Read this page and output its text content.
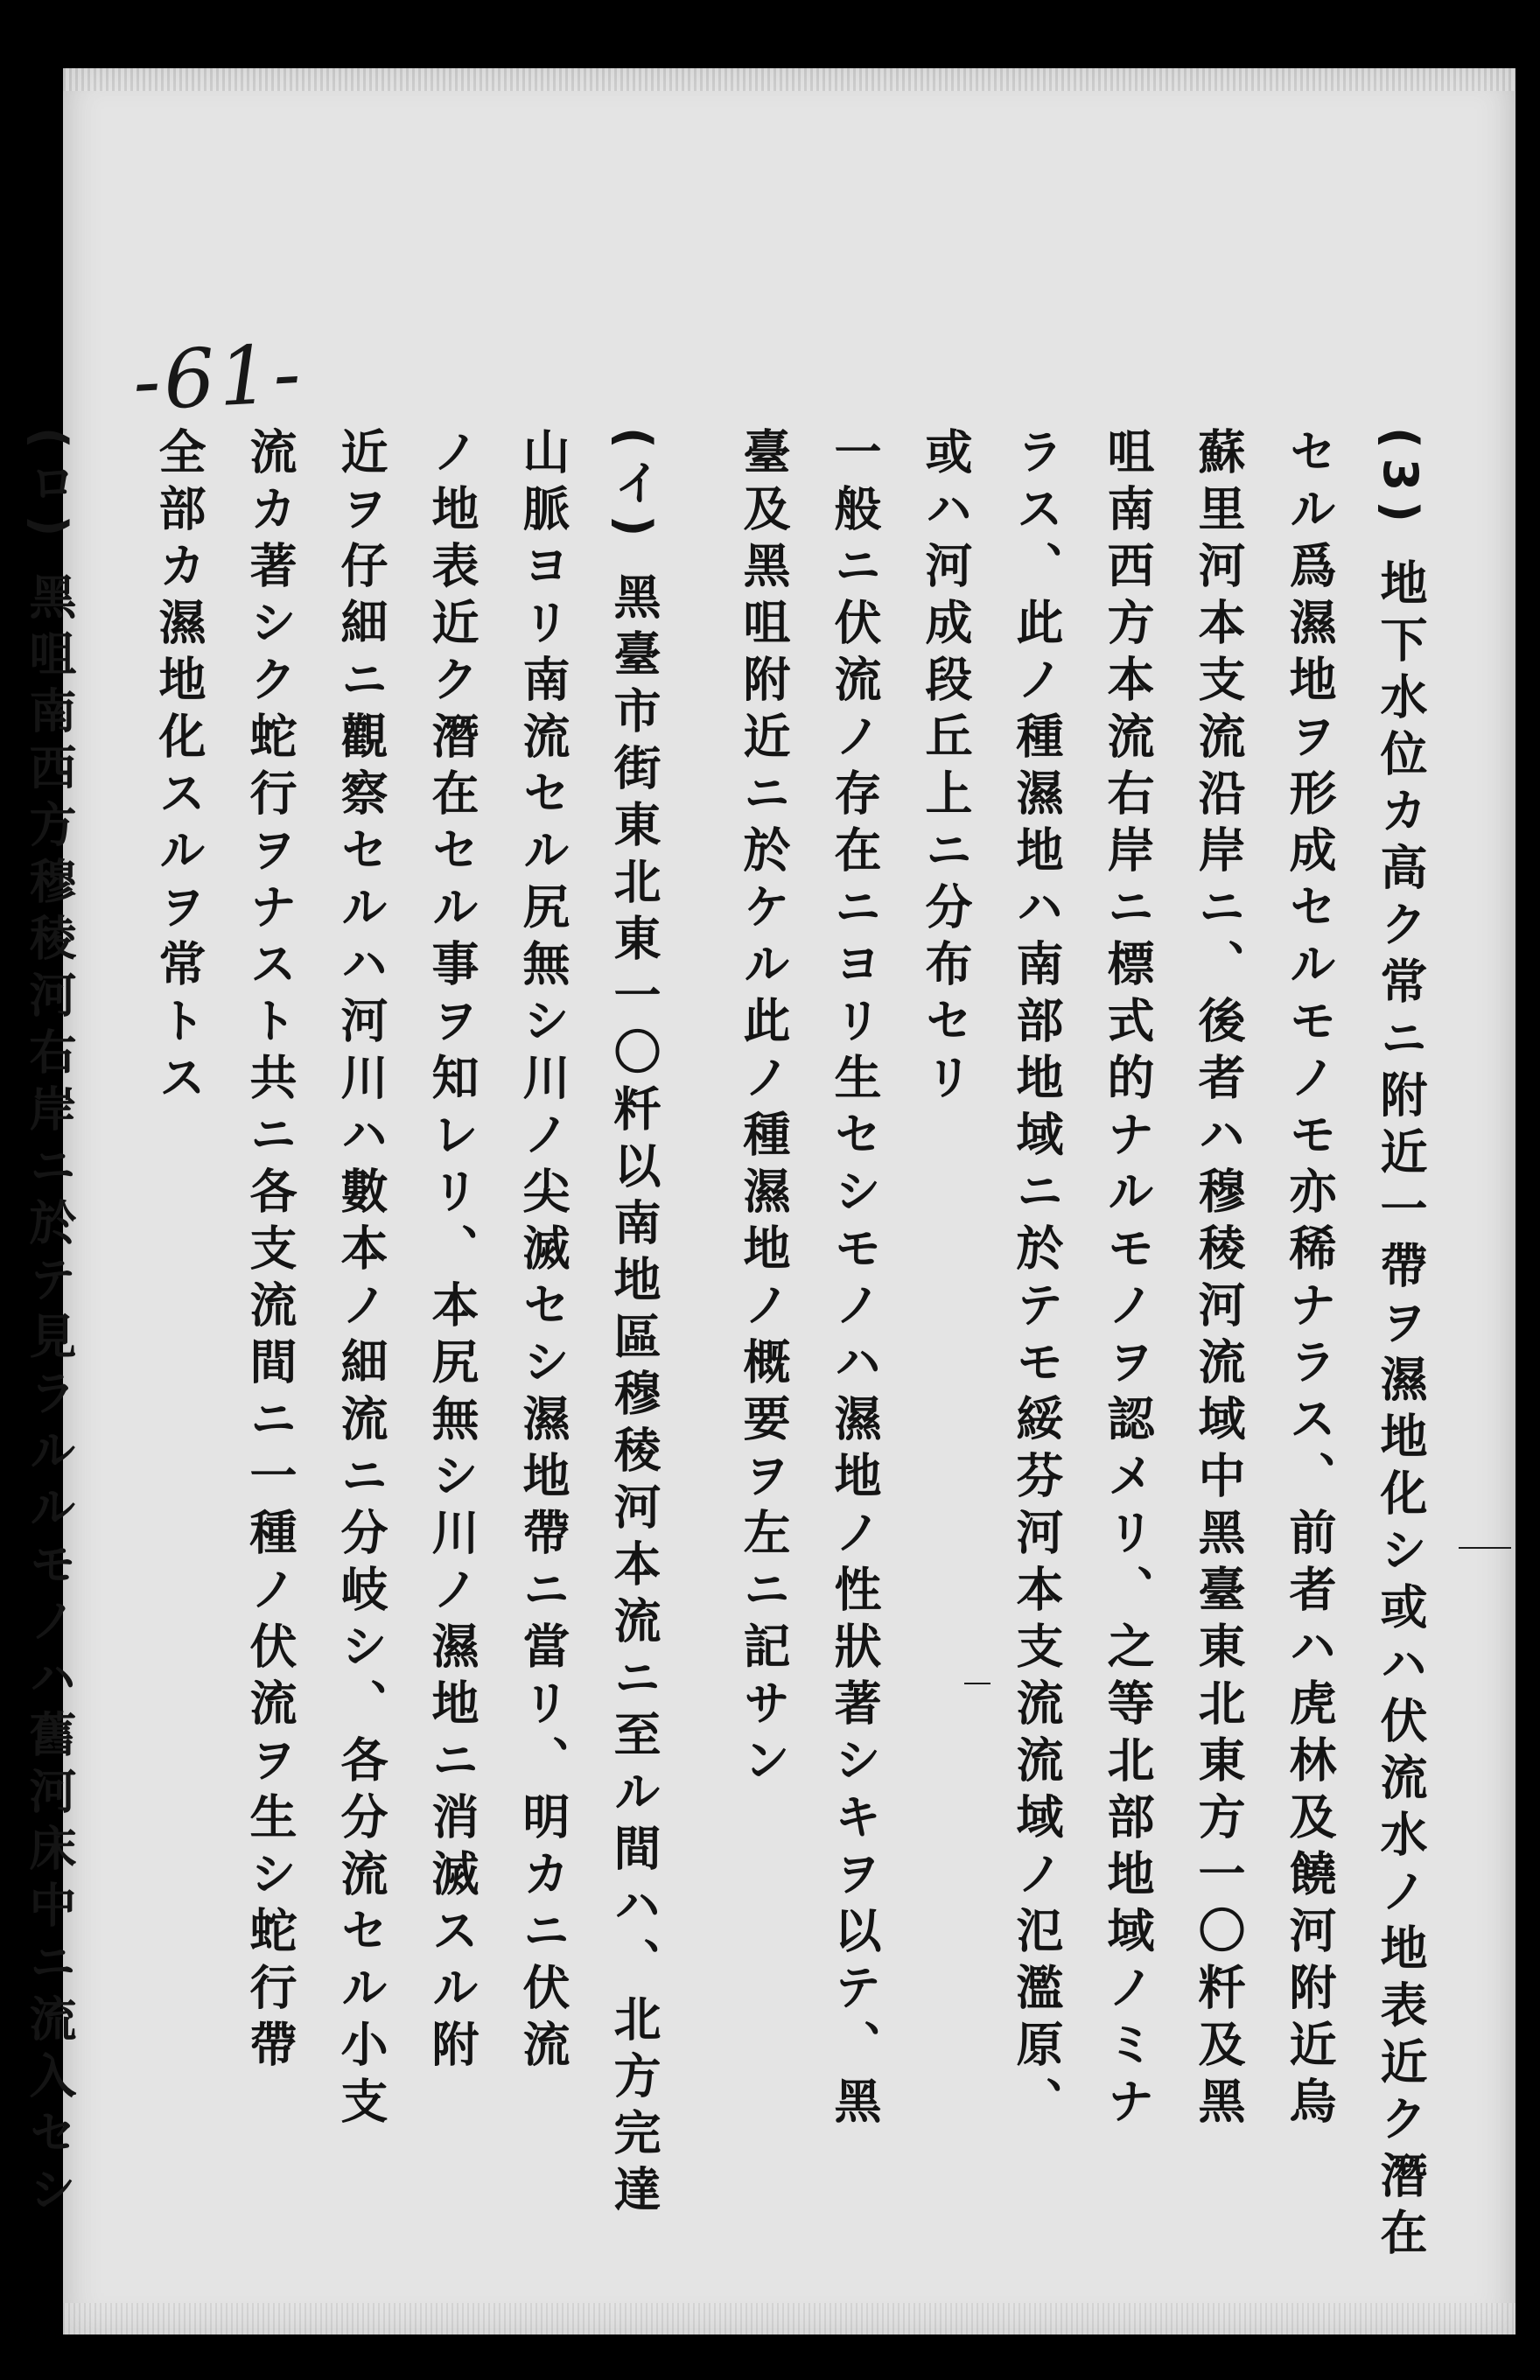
-61-
(3) 地下水位カ高ク常ニ附近一帶ヲ濕地化シ或ハ伏流水ノ地表近ク潛在
セル爲濕地ヲ形成セルモノモ亦稀ナラス、前者ハ虎林及饒河附近烏
蘇里河本支流沿岸ニ、後者ハ穆稜河流域中黑臺東北東方一〇粁及黑
咀南西方本流右岸ニ標式的ナルモノヲ認メリ、之等北部地域ノミナ
ラス、此ノ種濕地ハ南部地域ニ於テモ綏芬河本支流流域ノ氾濫原、
或ハ河成段丘上ニ分布セリ
一般ニ伏流ノ存在ニヨリ生セシモノハ濕地ノ性狀著シキヲ以テ、黑
臺及黑咀附近ニ於ケル此ノ種濕地ノ概要ヲ左ニ記サン
(イ) 黑臺市街東北東一〇粁以南地區穆稜河本流ニ至ル間ハ、北方完達
山脈ヨリ南流セル尻無シ川ノ尖滅セシ濕地帶ニ當リ、明カニ伏流
ノ地表近ク潛在セル事ヲ知レリ、本尻無シ川ノ濕地ニ消滅スル附
近ヲ仔細ニ觀察セルハ河川ハ數本ノ細流ニ分岐シ、各分流セル小支
流カ著シク蛇行ヲナスト共ニ各支流間ニ一種ノ伏流ヲ生シ蛇行帶
全部カ濕地化スルヲ常トス
(ロ) 黑咀南西方穆稜河右岸ニ於テ見ラルルモノハ舊河床中ニ流入セシ
